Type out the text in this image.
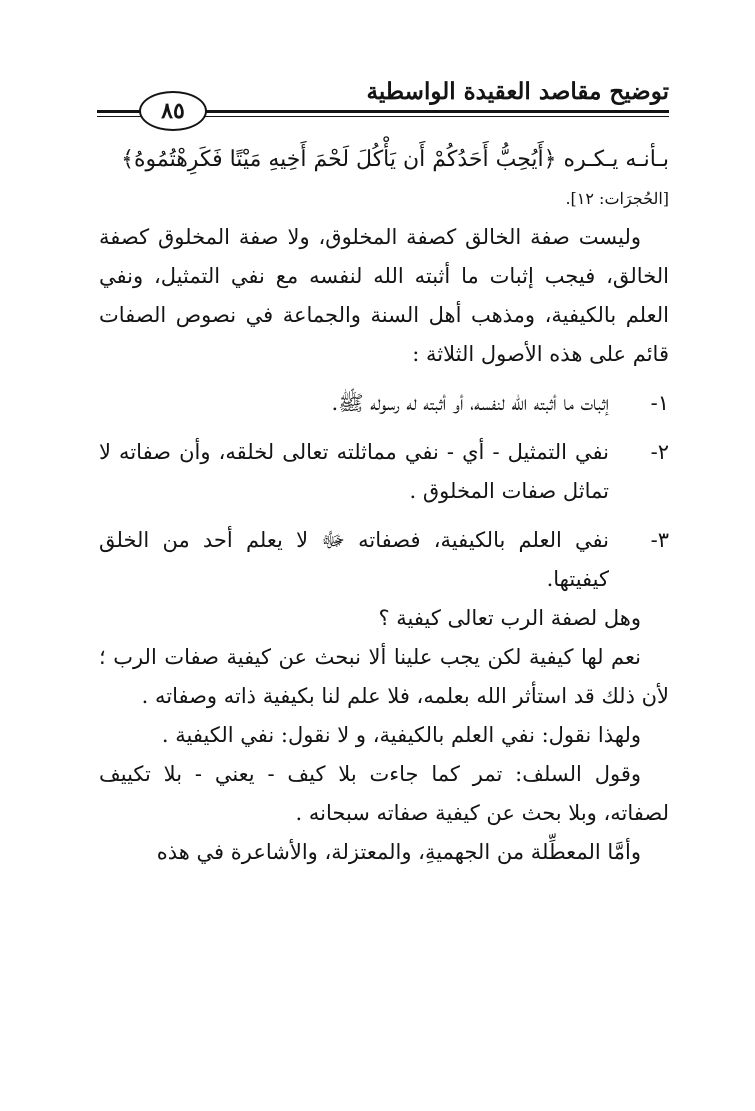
توضيح مقاصد العقيدة الواسطية
٨٥

بـأنـه يـكـره ﴿أَيُحِبُّ أَحَدُكُمْ أَن يَأْكُلَ لَحْمَ أَخِيهِ مَيْتًا فَكَرِهْتُمُوهُ﴾

[الحُجرَات: ١٢].

وليست صفة الخالق كصفة المخلوق، ولا صفة المخلوق كصفة الخالق، فيجب إثبات ما أثبته الله لنفسه مع نفي التمثيل، ونفي العلم بالكيفية، ومذهب أهل السنة والجماعة في نصوص الصفات قائم على هذه الأصول الثلاثة :

١-
إثبات ما أثبته الله لنفسه، أو أثبته له رسوله ﷺ.
٢-
نفي التمثيل - أي - نفي مماثلته تعالى لخلقه، وأن صفاته لا تماثل صفات المخلوق .
٣-
نفي العلم بالكيفية، فصفاته ﷻ لا يعلم أحد من الخلق كيفيتها.

وهل لصفة الرب تعالى كيفية ؟

نعم لها كيفية لكن يجب علينا ألا نبحث عن كيفية صفات الرب ؛ لأن ذلك قد استأثر الله بعلمه، فلا علم لنا بكيفية ذاته وصفاته .

ولهذا نقول: نفي العلم بالكيفية، و لا نقول: نفي الكيفية .

وقول السلف: تمر كما جاءت بلا كيف - يعني - بلا تكييف لصفاته، وبلا بحث عن كيفية صفاته سبحانه .

وأمَّا المعطِّلة من الجهميةِ، والمعتزلة، والأشاعرة في هذه
